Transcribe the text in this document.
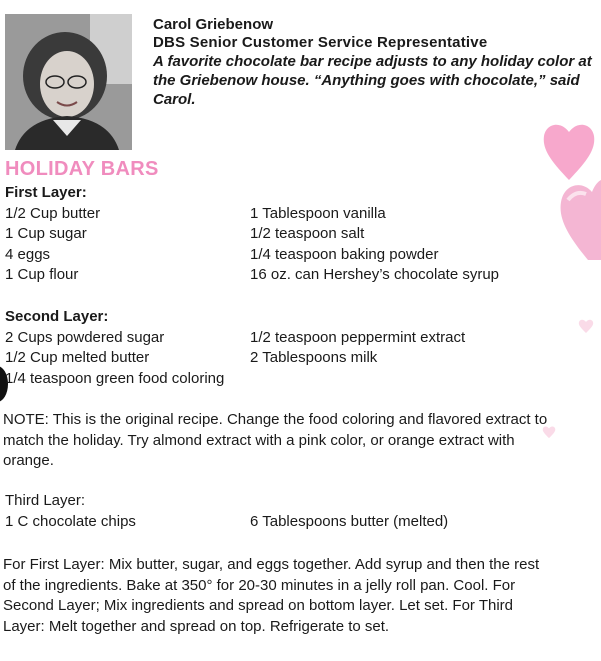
Carol Griebenow
DBS Senior Customer Service Representative
A favorite chocolate bar recipe adjusts to any holiday color at the Griebenow house. “Anything goes with chocolate,” said Carol.
HOLIDAY BARS
First Layer:
1/2 Cup butter
1 Cup sugar
4 eggs
1 Cup flour
1 Tablespoon vanilla
1/2 teaspoon salt
1/4 teaspoon baking powder
16 oz. can Hershey’s chocolate syrup
Second Layer:
2 Cups powdered sugar
1/2 Cup melted butter
1/4 teaspoon green food coloring
1/2 teaspoon peppermint extract
2 Tablespoons milk
NOTE: This is the original recipe. Change the food coloring and flavored extract to match the holiday. Try almond extract with a pink color, or orange extract with orange.
Third Layer:
1 C chocolate chips	6 Tablespoons butter (melted)
For First Layer: Mix butter, sugar, and eggs together. Add syrup and then the rest of the ingredients. Bake at 350° for 20-30 minutes in a jelly roll pan. Cool. For Second Layer; Mix ingredients and spread on bottom layer. Let set. For Third Layer: Melt together and spread on top. Refrigerate to set.
